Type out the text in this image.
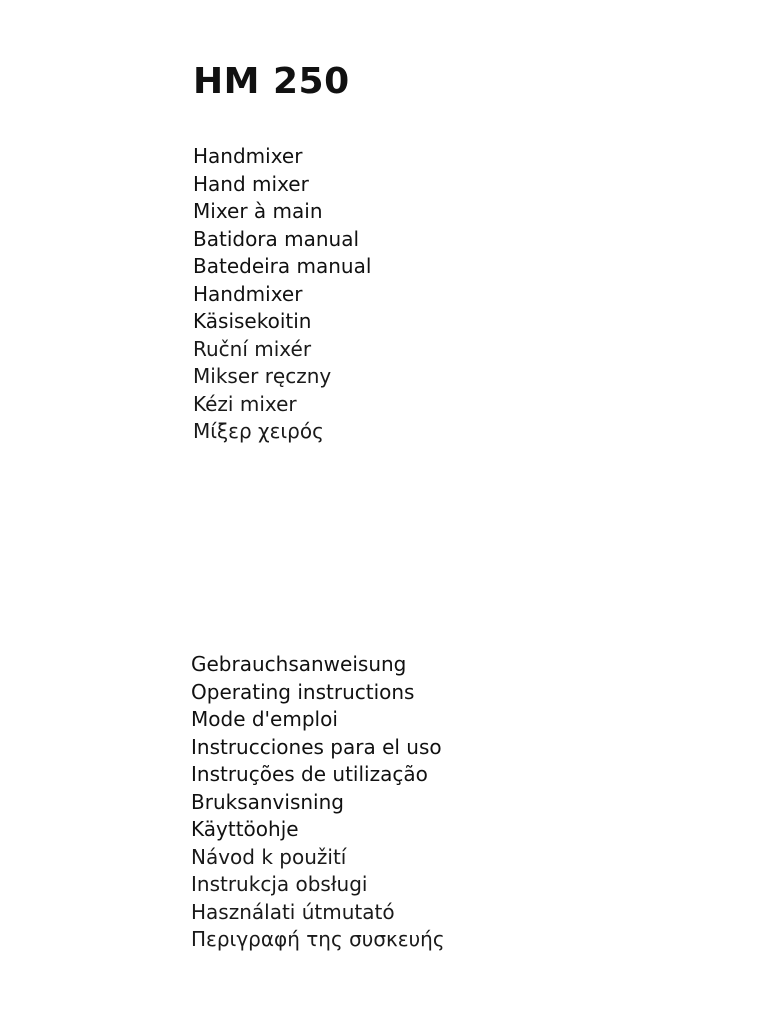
HM 250
Handmixer
Hand mixer
Mixer à main
Batidora manual
Batedeira manual
Handmixer
Käsisekoitin
Ruční mixér
Mikser ręczny
Kézi mixer
Μίξερ χειρός
Gebrauchsanweisung
Operating instructions
Mode d'emploi
Instrucciones para el uso
Instruções de utilização
Bruksanvisning
Käyttöohje
Návod k použití
Instrukcja obsługi
Használati útmutató
Περιγραφή της συσκευής
